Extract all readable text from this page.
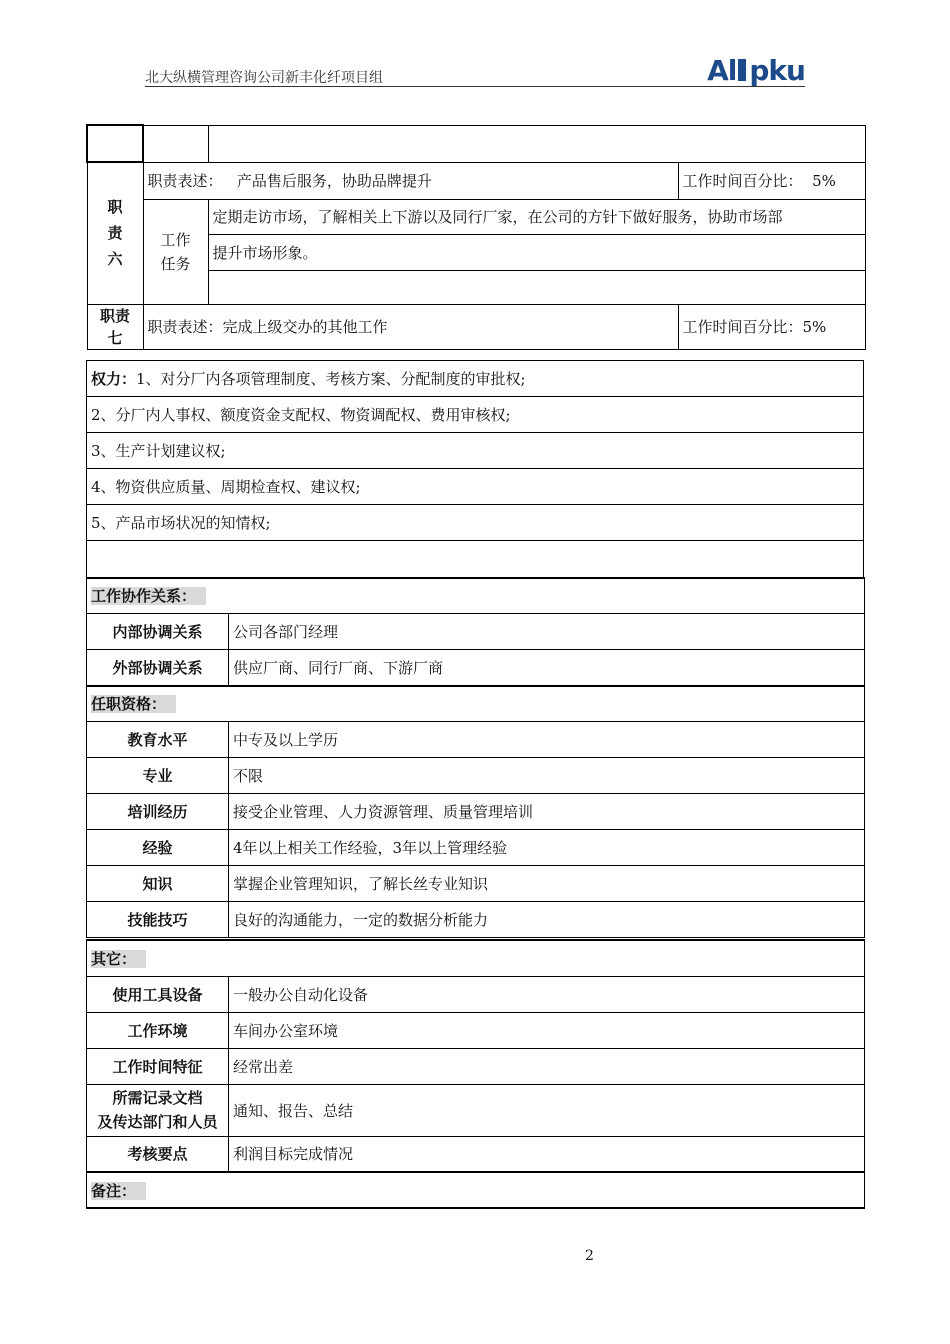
北大纵横管理咨询公司新丰化纤项目组	Al pku

职
责
六	职责表述： 产品售后服务，协助品牌提升		工作时间百分比： 5%
	工作
任务	定期走访市场，了解相关上下游以及同行厂家，在公司的方针下做好服务，协助市场部	
		提升市场形象。	

职责
七	职责表述：完成上级交办的其他工作		工作时间百分比：5%
权力：1、对分厂内各项管理制度、考核方案、分配制度的审批权;
2、分厂内人事权、额度资金支配权、物资调配权、费用审核权;
3、生产计划建议权;
4、物资供应质量、周期检查权、建议权;
5、产品市场状况的知情权;

工作协作关系：	
内部协调关系	公司各部门经理
外部协调关系	供应厂商、同行厂商、下游厂商
任职资格：	
教育水平	中专及以上学历
专业	不限
培训经历	接受企业管理、人力资源管理、质量管理培训
经验	4年以上相关工作经验，3年以上管理经验
知识	掌握企业管理知识，了解长丝专业知识
技能技巧	良好的沟通能力，一定的数据分析能力
其它：	
使用工具设备	一般办公自动化设备
工作环境	车间办公室环境
工作时间特征	经常出差
所需记录文档
及传达部门和人员	通知、报告、总结
考核要点	利润目标完成情况
备注：	
2
